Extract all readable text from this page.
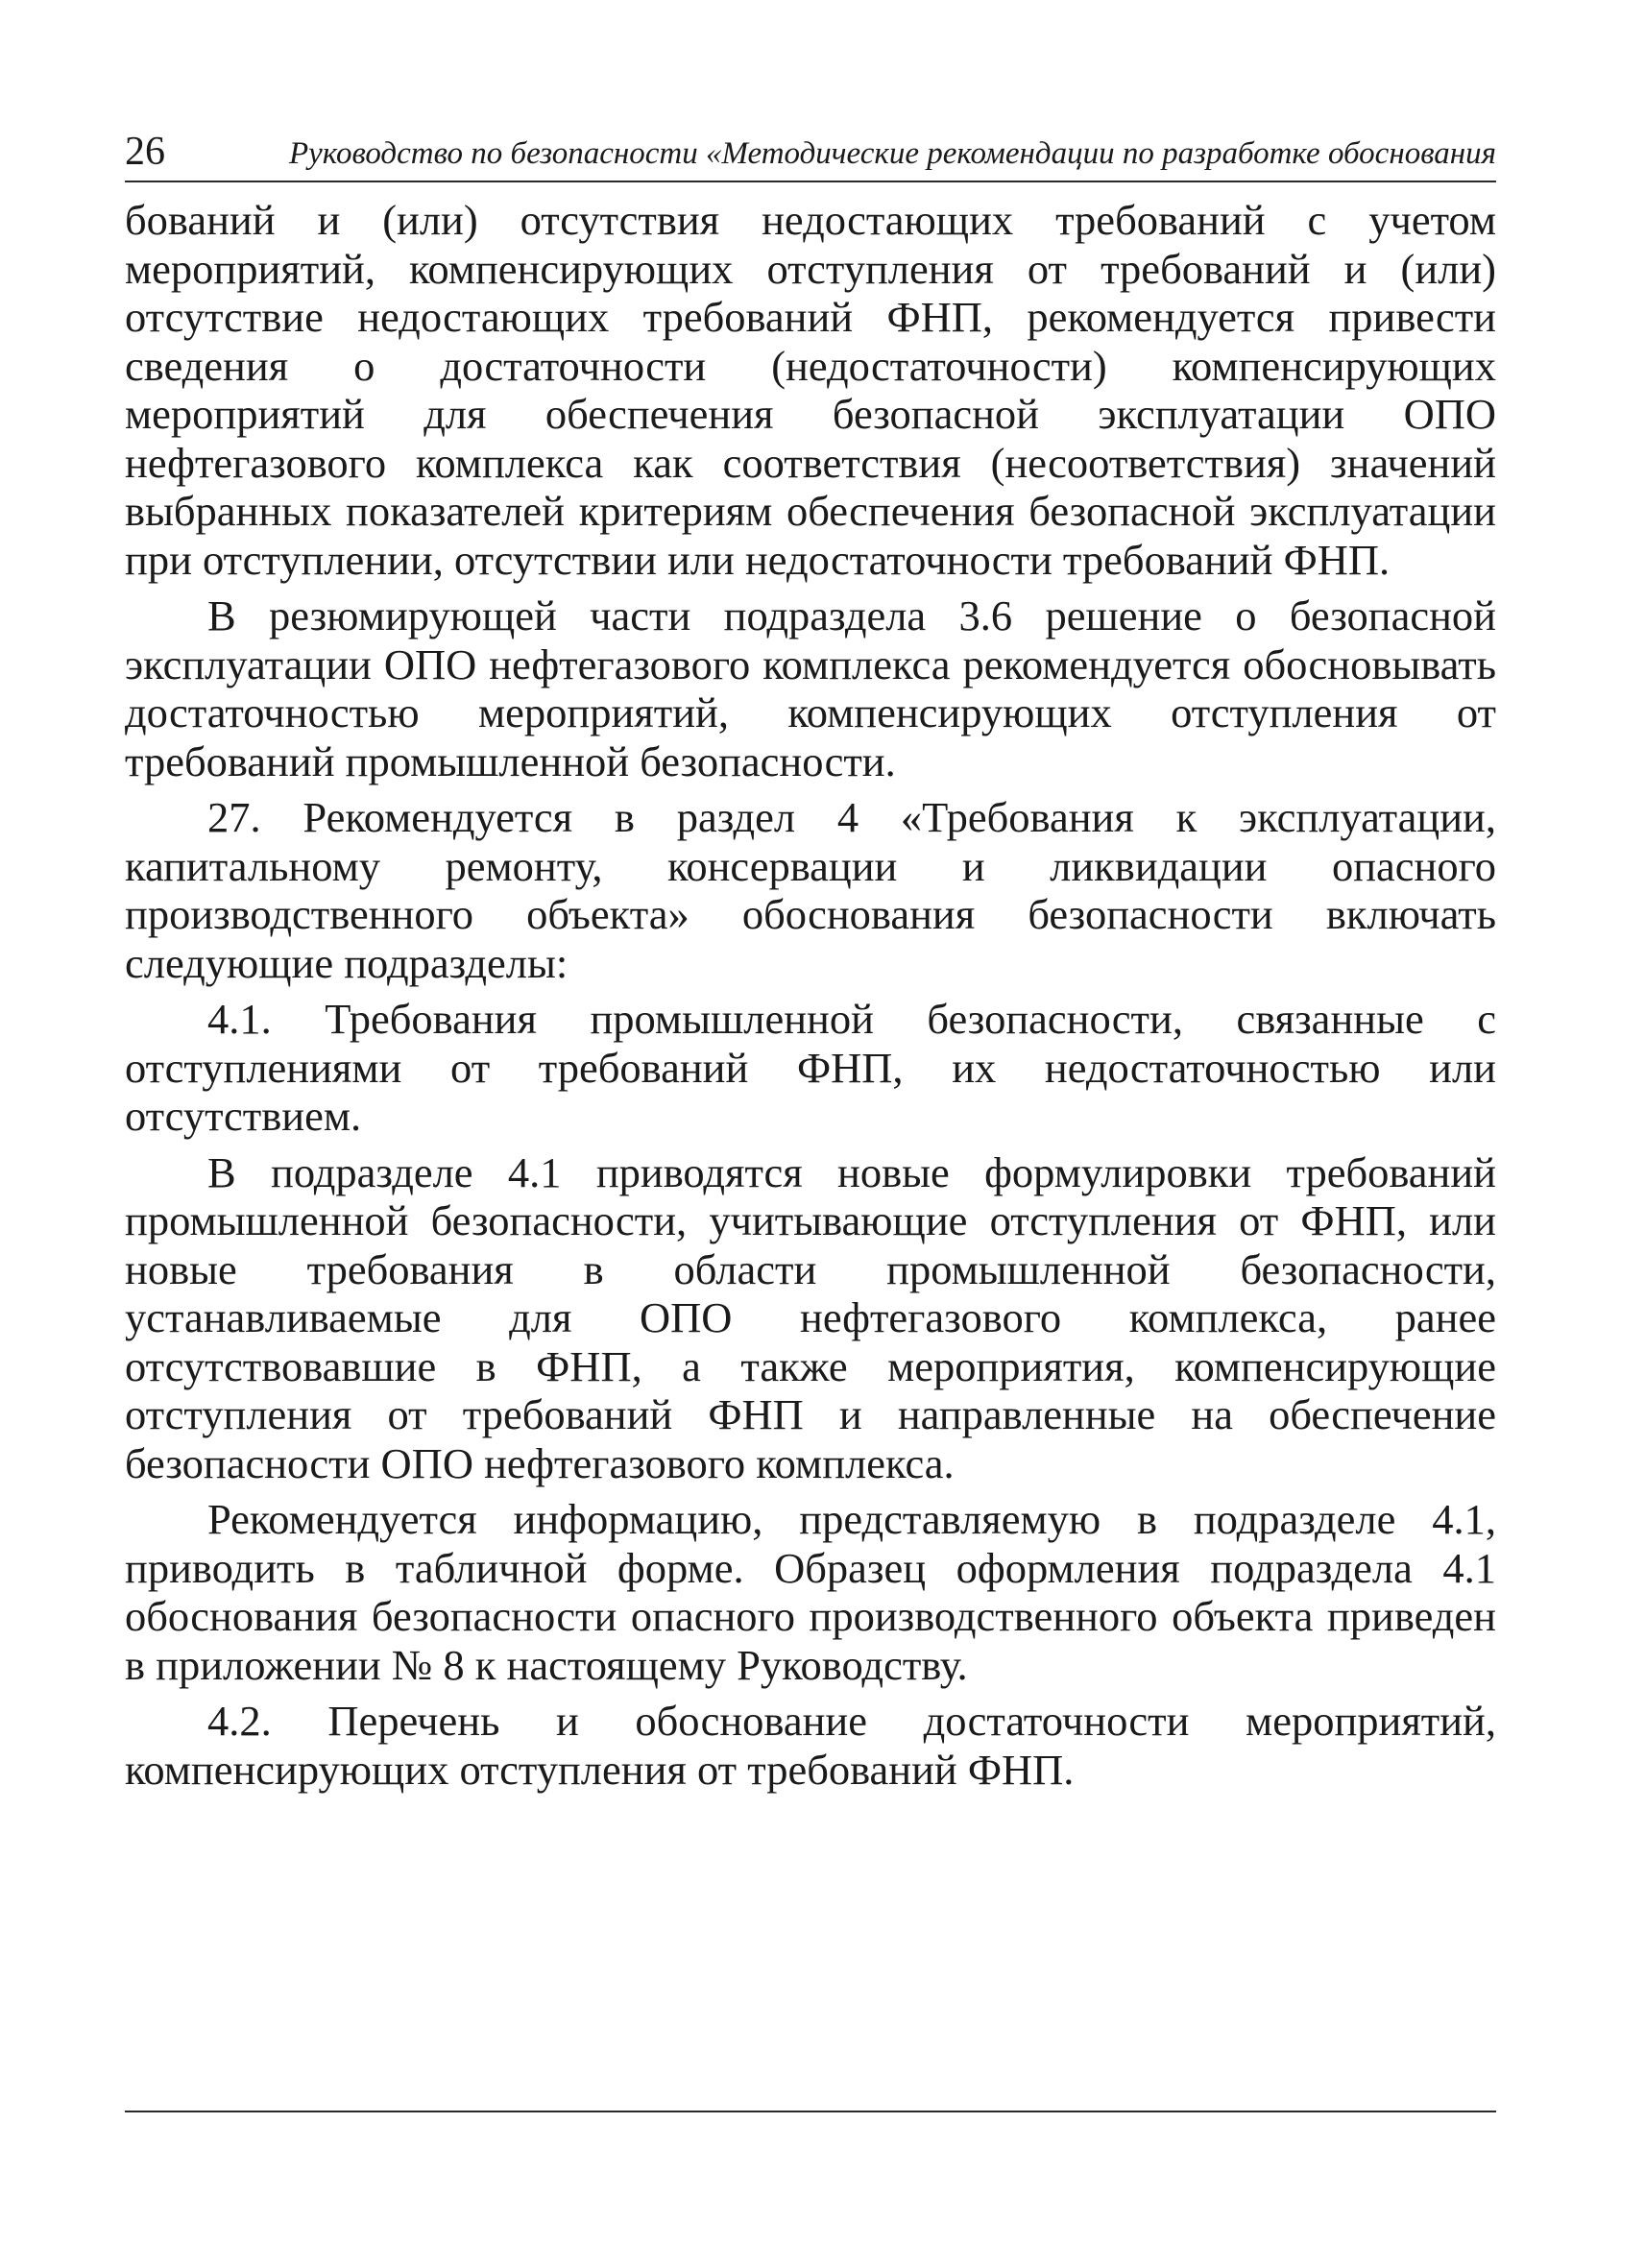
26	Руководство по безопасности «Методические рекомендации по разработке обоснования

бований и (или) отсутствия недостающих требований с учетом мероприятий, компенсирующих отступления от требований и (или) отсутствие недостающих требований ФНП, рекомендуется привести сведения о достаточности (недостаточности) компенсирующих мероприятий для обеспечения безопасной эксплуатации ОПО нефтегазового комплекса как соответствия (несоответствия) значений выбранных показателей критериям обеспечения безопасной эксплуатации при отступлении, отсутствии или недостаточности требований ФНП.

В резюмирующей части подраздела 3.6 решение о безопасной эксплуатации ОПО нефтегазового комплекса рекомендуется обосновывать достаточностью мероприятий, компенсирующих отступления от требований промышленной безопасности.

27. Рекомендуется в раздел 4 «Требования к эксплуатации, капитальному ремонту, консервации и ликвидации опасного производственного объекта» обоснования безопасности включать следующие подразделы:

4.1. Требования промышленной безопасности, связанные с отступлениями от требований ФНП, их недостаточностью или отсутствием.

В подразделе 4.1 приводятся новые формулировки требований промышленной безопасности, учитывающие отступления от ФНП, или новые требования в области промышленной безопасности, устанавливаемые для ОПО нефтегазового комплекса, ранее отсутствовавшие в ФНП, а также мероприятия, компенсирующие отступления от требований ФНП и направленные на обеспечение безопасности ОПО нефтегазового комплекса.

Рекомендуется информацию, представляемую в подразделе 4.1, приводить в табличной форме. Образец оформления подраздела 4.1 обоснования безопасности опасного производственного объекта приведен в приложении № 8 к настоящему Руководству.

4.2. Перечень и обоснование достаточности мероприятий, компенсирующих отступления от требований ФНП.
